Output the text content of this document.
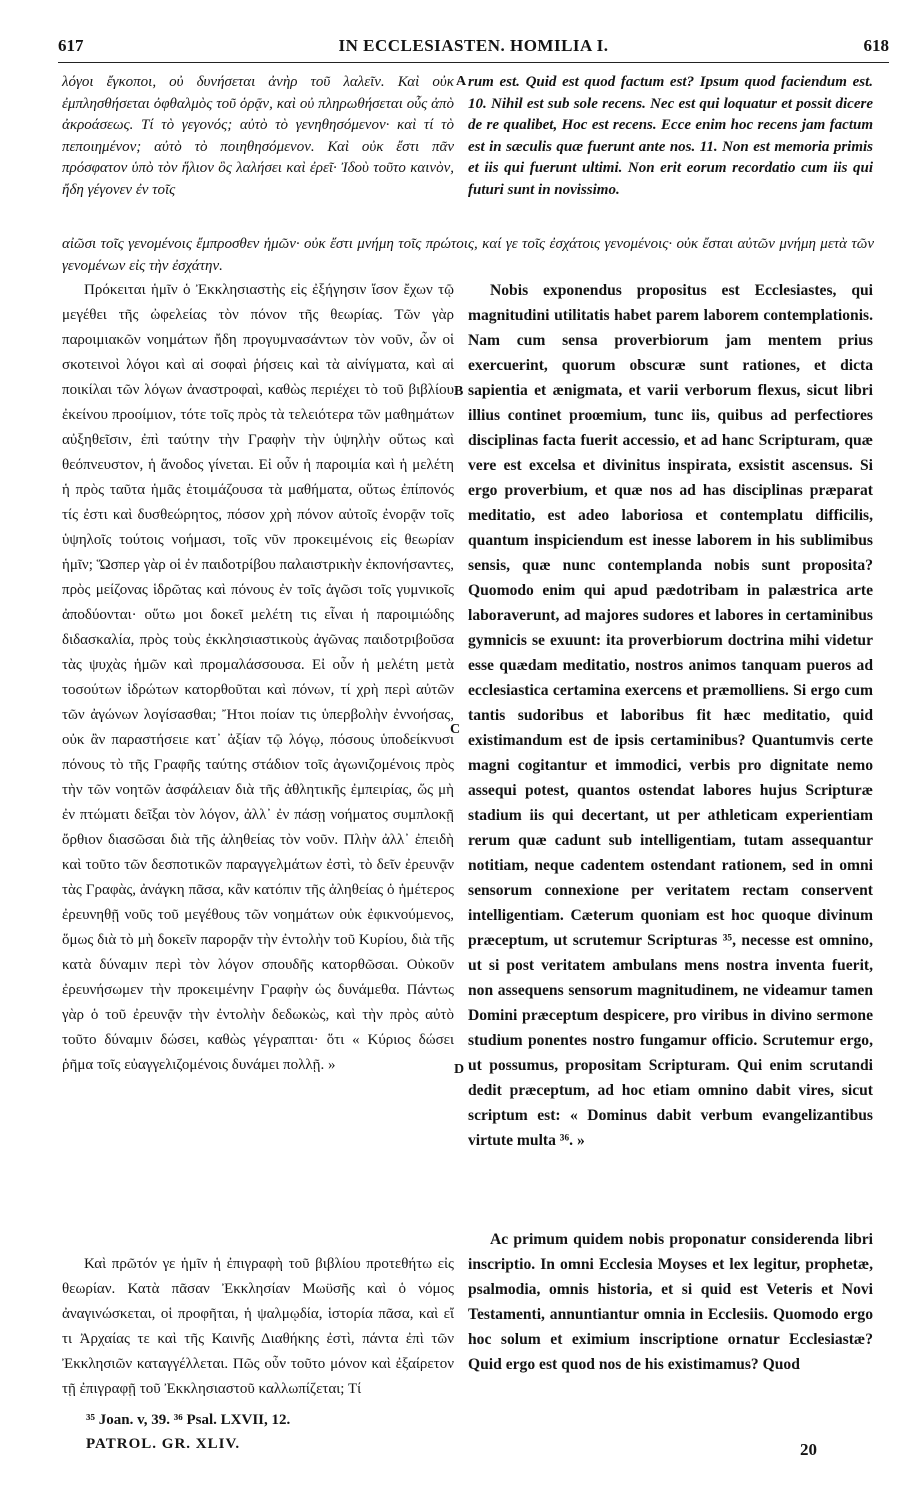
617	IN ECCLESIASTEN. HOMILIA I.	618

λόγοι ἔγκοποι, οὐ δυνήσεται ἀνὴρ τοῦ λαλεῖν. Καὶ οὐκ ἐμπλησθήσεται ὀφθαλμὸς τοῦ ὁρᾷν, καὶ οὐ πληρωθήσεται οὖς ἀπὸ ἀκροάσεως. Τί τὸ γεγονός; αὐτὸ τὸ γενηθησόμενον· καὶ τί τὸ πεποιημένον; αὐτὸ τὸ ποιηθησόμενον. Καὶ οὐκ ἔστι πᾶν πρόσφατον ὑπὸ τὸν ἥλιον ὃς λαλήσει καὶ ἐρεῖ· Ἰδοὺ τοῦτο καινὸν, ἤδη γέγονεν ἐν τοῖς

rum est. Quid est quod factum est? Ipsum quod faciendum est. 10. Nihil est sub sole recens. Nec est qui loquatur et possit dicere de re qualibet, Hoc est recens. Ecce enim hoc recens jam factum est in sæculis quæ fuerunt ante nos. 11. Non est memoria primis et iis qui fuerunt ultimi. Non erit eorum recordatio cum iis qui futuri sunt in novissimo.

αἰῶσι τοῖς γενομένοις ἔμπροσθεν ἡμῶν· οὐκ ἔστι μνήμη τοῖς πρώτοις, καί γε τοῖς ἐσχάτοις γενομένοις· οὐκ ἔσται αὐτῶν μνήμη μετὰ τῶν γενομένων εἰς τὴν ἐσχάτην.

Πρόκειται ἡμῖν ὁ Ἐκκλησιαστὴς εἰς ἐξήγησιν ἴσον ἔχων τῷ μεγέθει τῆς ὠφελείας τὸν πόνον τῆς θεωρίας. Τῶν γὰρ παροιμιακῶν νοημάτων ἤδη προγυμνασάντων τὸν νοῦν, ὧν οἱ σκοτεινοὶ λόγοι καὶ αἱ σοφαὶ ῥήσεις καὶ τὰ αἰνίγματα, καὶ αἱ ποικίλαι τῶν λόγων ἀναστροφαὶ, καθὼς περιέχει τὸ τοῦ βιβλίου ἐκείνου προοίμιον, τότε τοῖς πρὸς τὰ τελειότερα τῶν μαθημάτων αὐξηθεῖσιν, ἐπὶ ταύτην τὴν Γραφὴν τὴν ὑψηλὴν οὕτως καὶ θεόπνευστον, ἡ ἄνοδος γίνεται. Εἰ οὖν ἡ παροιμία καὶ ἡ μελέτη ἡ πρὸς ταῦτα ἡμᾶς ἑτοιμάζουσα τὰ μαθήματα, οὕτως ἐπίπονός τίς ἐστι καὶ δυσθεώρητος, πόσον χρὴ πόνον αὐτοῖς ἐνορᾷν τοῖς ὑψηλοῖς τούτοις νοήμασι, τοῖς νῦν προκειμένοις εἰς θεωρίαν ἡμῖν; Ὥσπερ γὰρ οἱ ἐν παιδοτρίβου παλαιστρικὴν ἐκπονήσαντες, πρὸς μείζονας ἱδρῶτας καὶ πόνους ἐν τοῖς ἀγῶσι τοῖς γυμνικοῖς ἀποδύονται· οὕτω μοι δοκεῖ μελέτη τις εἶναι ἡ παροιμιώδης διδασκαλία, πρὸς τοὺς ἐκκλησιαστικοὺς ἀγῶνας παιδοτριβοῦσα τὰς ψυχὰς ἡμῶν καὶ προμαλάσσουσα. Εἰ οὖν ἡ μελέτη μετὰ τοσούτων ἱδρώτων κατορθοῦται καὶ πόνων, τί χρὴ περὶ αὐτῶν τῶν ἀγώνων λογίσασθαι; Ἤτοι ποίαν τις ὑπερβολὴν ἐννοήσας, οὐκ ἂν παραστήσειε κατ᾽ ἀξίαν τῷ λόγῳ, πόσους ὑποδείκνυσι πόνους τὸ τῆς Γραφῆς ταύτης στάδιον τοῖς ἀγωνιζομένοις πρὸς τὴν τῶν νοητῶν ἀσφάλειαν διὰ τῆς ἀθλητικῆς ἐμπειρίας, ὥς μὴ ἐν πτώματι δεῖξαι τὸν λόγον, ἀλλ᾽ ἐν πάσῃ νοήματος συμπλοκῇ ὄρθιον διασῶσαι διὰ τῆς ἀληθείας τὸν νοῦν. Πλὴν ἀλλ᾽ ἐπειδὴ καὶ τοῦτο τῶν δεσποτικῶν παραγγελμάτων ἐστὶ, τὸ δεῖν ἐρευνᾷν τὰς Γραφὰς, ἀνάγκη πᾶσα, κἂν κατόπιν τῆς ἀληθείας ὁ ἡμέτερος ἐρευνηθῇ νοῦς τοῦ μεγέθους τῶν νοημάτων οὐκ ἐφικνούμενος, ὅμως διὰ τὸ μὴ δοκεῖν παρορᾷν τὴν ἐντολὴν τοῦ Κυρίου, διὰ τῆς κατὰ δύναμιν περὶ τὸν λόγον σπουδῆς κατορθῶσαι. Οὐκοῦν ἐρευνήσωμεν τὴν προκειμένην Γραφὴν ὡς δυνάμεθα. Πάντως γὰρ ὁ τοῦ ἐρευνᾷν τὴν ἐντολὴν δεδωκὼς, καὶ τὴν πρὸς αὐτὸ τοῦτο δύναμιν δώσει, καθὼς γέγραπται· ὅτι « Κύριος δώσει ῥῆμα τοῖς εὐαγγελιζομένοις δυνάμει πολλῇ. »

Nobis exponendus propositus est Ecclesiastes, qui magnitudini utilitatis habet parem laborem contemplationis. Nam cum sensa proverbiorum jam mentem prius exercuerint, quorum obscuræ sunt rationes, et dicta sapientia et ænigmata, et varii verborum flexus, sicut libri illius continet proœmium, tunc iis, quibus ad perfectiores disciplinas facta fuerit accessio, et ad hanc Scripturam, quæ vere est excelsa et divinitus inspirata, exsistit ascensus. Si ergo proverbium, et quæ nos ad has disciplinas præparat meditatio, est adeo laboriosa et contemplatu difficilis, quantum inspiciendum est inesse laborem in his sublimibus sensis, quæ nunc contemplanda nobis sunt proposita? Quomodo enim qui apud pædotribam in palæstrica arte laboraverunt, ad majores sudores et labores in certaminibus gymnicis se exuunt: ita proverbiorum doctrina mihi videtur esse quædam meditatio, nostros animos tanquam pueros ad ecclesiastica certamina exercens et præmolliens. Si ergo cum tantis sudoribus et laboribus fit hæc meditatio, quid existimandum est de ipsis certaminibus? Quantumvis certe magni cogitantur et immodici, verbis pro dignitate nemo assequi potest, quantos ostendat labores hujus Scripturæ stadium iis qui decertant, ut per athleticam experientiam rerum quæ cadunt sub intelligentiam, tutam assequantur notitiam, neque cadentem ostendant rationem, sed in omni sensorum connexione per veritatem rectam conservent intelligentiam. Cæterum quoniam est hoc quoque divinum præceptum, ut scrutemur Scripturas ³⁵, necesse est omnino, ut si post veritatem ambulans mens nostra inventa fuerit, non assequens sensorum magnitudinem, ne videamur tamen Domini præceptum despicere, pro viribus in divino sermone studium ponentes nostro fungamur officio. Scrutemur ergo, ut possumus, propositam Scripturam. Qui enim scrutandi dedit præceptum, ad hoc etiam omnino dabit vires, sicut scriptum est: « Dominus dabit verbum evangelizantibus virtute multa ³⁶. »

Καὶ πρῶτόν γε ἡμῖν ἡ ἐπιγραφὴ τοῦ βιβλίου προτεθήτω εἰς θεωρίαν. Κατὰ πᾶσαν Ἐκκλησίαν Μωϋσῆς καὶ ὁ νόμος ἀναγινώσκεται, οἱ προφῆται, ἡ ψαλμῳδία, ἱστορία πᾶσα, καὶ εἴ τι Ἀρχαίας τε καὶ τῆς Καινῆς Διαθήκης ἐστὶ, πάντα ἐπὶ τῶν Ἐκκλησιῶν καταγγέλλεται. Πῶς οὖν τοῦτο μόνον καὶ ἐξαίρετον τῇ ἐπιγραφῇ τοῦ Ἐκκλησιαστοῦ καλλωπίζεται; Τί

Ac primum quidem nobis proponatur considerenda libri inscriptio. In omni Ecclesia Moyses et lex legitur, prophetæ, psalmodia, omnis historia, et si quid est Veteris et Novi Testamenti, annuntiantur omnia in Ecclesiis. Quomodo ergo hoc solum et eximium inscriptione ornatur Ecclesiastæ? Quid ergo est quod nos de his existimamus? Quod

A
B
C
D
³⁵ Joan. v, 39. ³⁶ Psal. LXVII, 12.
PATROL. GR. XLIV.	20
